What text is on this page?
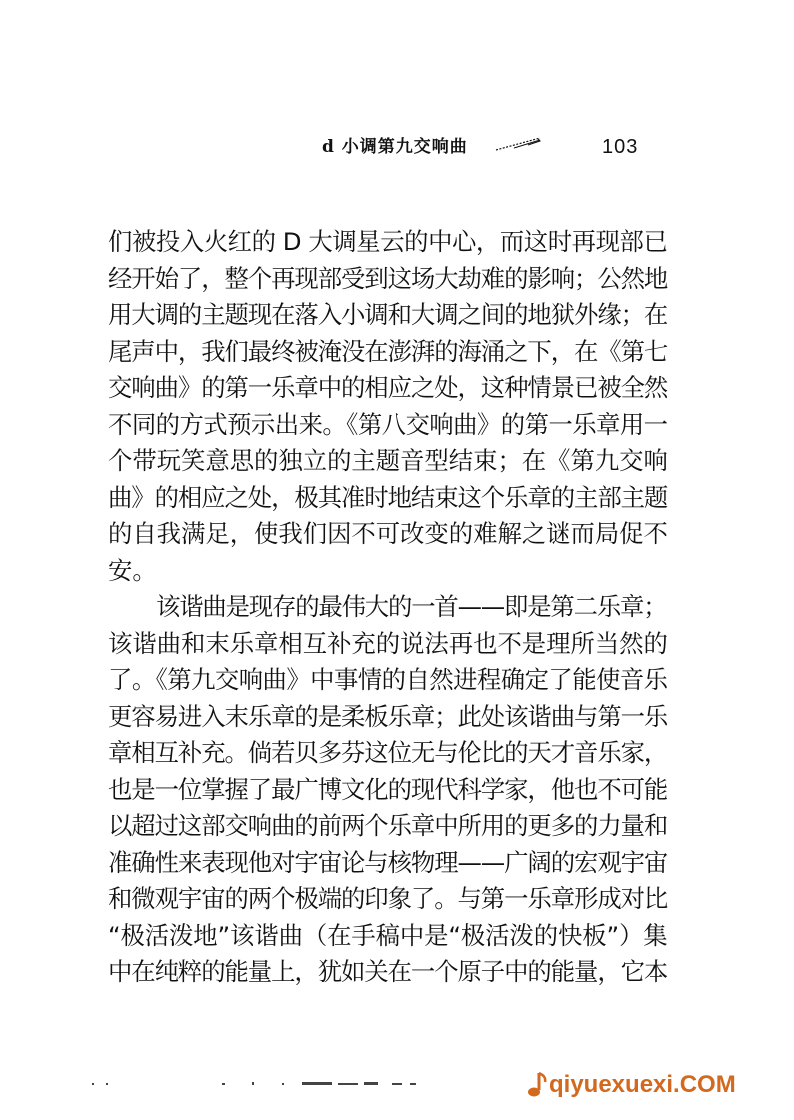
d 小调第九交响曲	103
们被投入火红的 D 大调星云的中心，而这时再现部已
经开始了，整个再现部受到这场大劫难的影响；公然地
用大调的主题现在落入小调和大调之间的地狱外缘；在
尾声中，我们最终被淹没在澎湃的海涌之下，在《第七
交响曲》的第一乐章中的相应之处，这种情景已被全然
不同的方式预示出来。《第八交响曲》的第一乐章用一
个带玩笑意思的独立的主题音型结束；在《第九交响
曲》的相应之处，极其准时地结束这个乐章的主部主题
的自我满足，使我们因不可改变的难解之谜而局促不
安。
该谐曲是现存的最伟大的一首——即是第二乐章；
该谐曲和末乐章相互补充的说法再也不是理所当然的
了。《第九交响曲》中事情的自然进程确定了能使音乐
更容易进入末乐章的是柔板乐章；此处该谐曲与第一乐
章相互补充。倘若贝多芬这位无与伦比的天才音乐家，
也是一位掌握了最广博文化的现代科学家，他也不可能
以超过这部交响曲的前两个乐章中所用的更多的力量和
准确性来表现他对宇宙论与核物理——广阔的宏观宇宙
和微观宇宙的两个极端的印象了。与第一乐章形成对比
“极活泼地”该谐曲（在手稿中是“极活泼的快板”）集
中在纯粹的能量上，犹如关在一个原子中的能量，它本
qiyuexuexi.COM
